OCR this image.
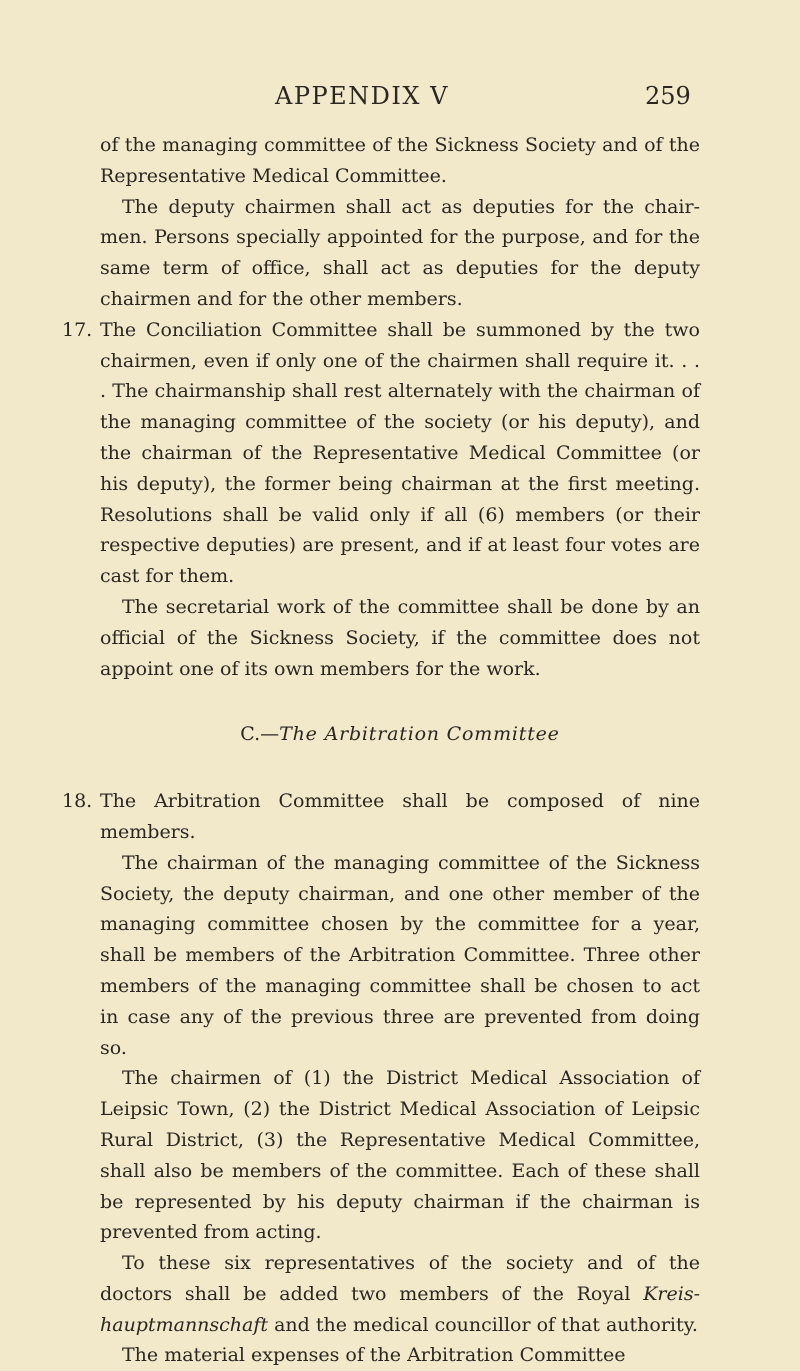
APPENDIX V	259

of the managing committee of the Sickness Society and of the Representative Medical Committee.

The deputy chairmen shall act as deputies for the chair-men. Persons specially appointed for the purpose, and for the same term of office, shall act as deputies for the deputy chairmen and for the other members.

17. The Conciliation Committee shall be summoned by the two chairmen, even if only one of the chairmen shall require it. . . . The chairmanship shall rest alternately with the chairman of the managing committee of the society (or his deputy), and the chairman of the Representative Medical Committee (or his deputy), the former being chairman at the first meeting. Resolutions shall be valid only if all (6) members (or their respective deputies) are present, and if at least four votes are cast for them.

The secretarial work of the committee shall be done by an official of the Sickness Society, if the committee does not appoint one of its own members for the work.

C.—The Arbitration Committee

18. The Arbitration Committee shall be composed of nine members.

The chairman of the managing committee of the Sickness Society, the deputy chairman, and one other member of the managing committee chosen by the committee for a year, shall be members of the Arbitration Committee. Three other members of the managing committee shall be chosen to act in case any of the previous three are prevented from doing so.

The chairmen of (1) the District Medical Association of Leipsic Town, (2) the District Medical Association of Leipsic Rural District, (3) the Representative Medical Committee, shall also be members of the committee. Each of these shall be represented by his deputy chairman if the chairman is prevented from acting.

To these six representatives of the society and of the doctors shall be added two members of the Royal Kreis-hauptmannschaft and the medical councillor of that authority.

The material expenses of the Arbitration Committee
